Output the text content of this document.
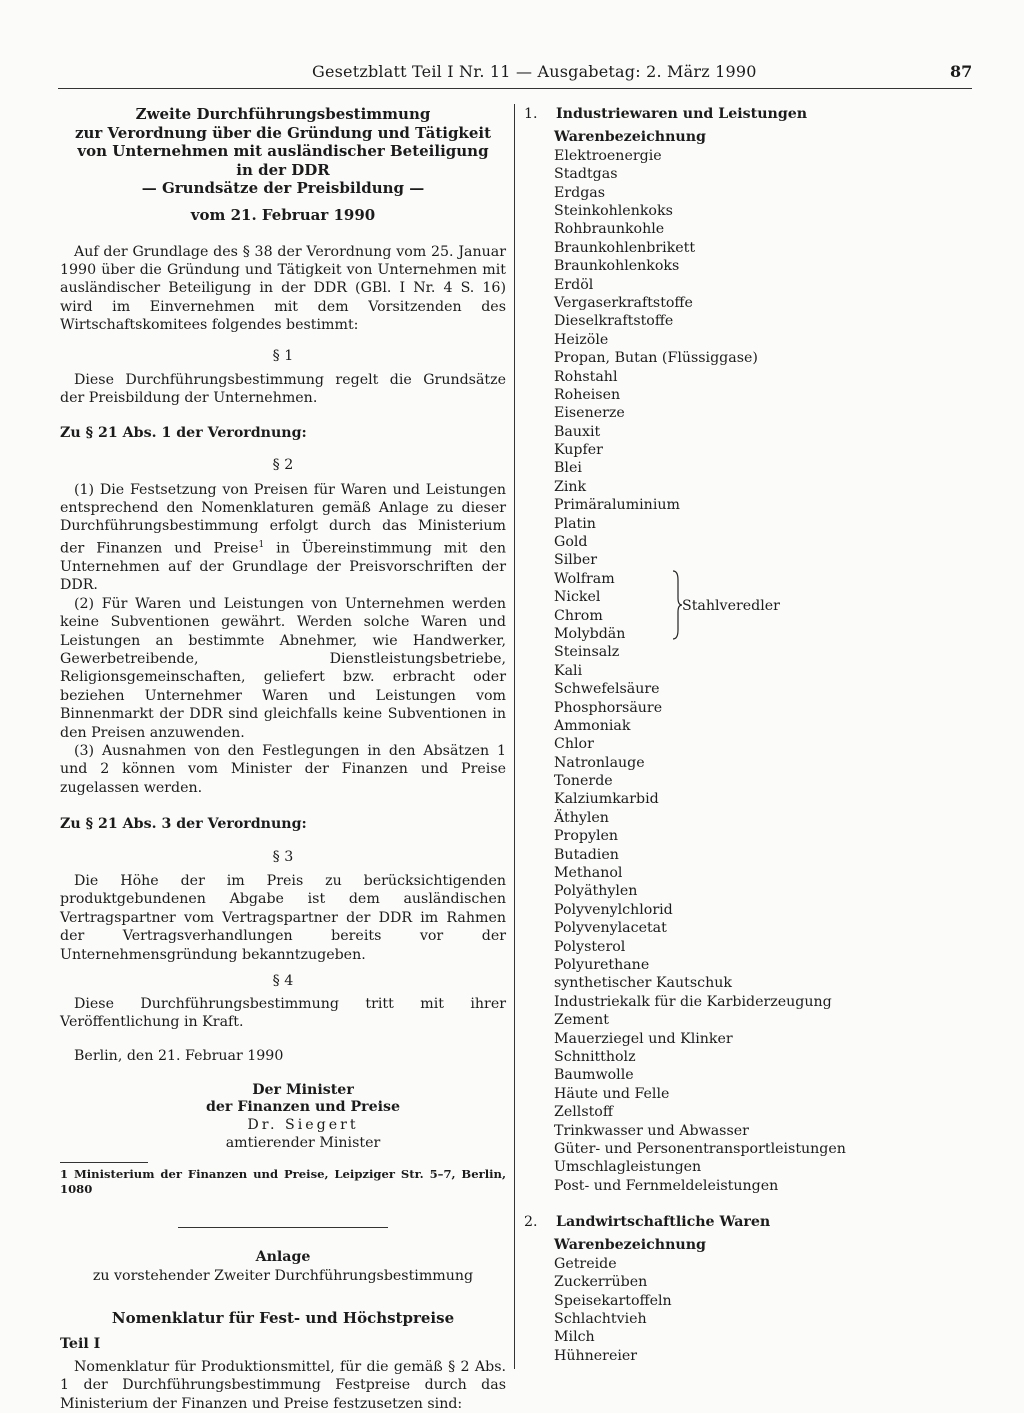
Gesetzblatt Teil I Nr. 11 — Ausgabetag: 2. März 1990	87
Zweite Durchführungsbestimmung
zur Verordnung über die Gründung und Tätigkeit
von Unternehmen mit ausländischer Beteiligung
in der DDR
— Grundsätze der Preisbildung —
vom 21. Februar 1990

Auf der Grundlage des § 38 der Verordnung vom 25. Januar 1990 über die Gründung und Tätigkeit von Unternehmen mit ausländischer Beteiligung in der DDR (GBl. I Nr. 4 S. 16) wird im Einvernehmen mit dem Vorsitzenden des Wirtschaftskomitees folgendes bestimmt:

§ 1

Diese Durchführungsbestimmung regelt die Grundsätze der Preisbildung der Unternehmen.

Zu § 21 Abs. 1 der Verordnung:

§ 2

(1) Die Festsetzung von Preisen für Waren und Leistungen entsprechend den Nomenklaturen gemäß Anlage zu dieser Durchführungsbestimmung erfolgt durch das Ministerium der Finanzen und Preise$^1$ in Übereinstimmung mit den Unternehmen auf der Grundlage der Preisvorschriften der DDR.

(2) Für Waren und Leistungen von Unternehmen werden keine Subventionen gewährt. Werden solche Waren und Leistungen an bestimmte Abnehmer, wie Handwerker, Gewerbetreibende, Dienstleistungsbetriebe, Religionsgemeinschaften, geliefert bzw. erbracht oder beziehen Unternehmer Waren und Leistungen vom Binnenmarkt der DDR sind gleichfalls keine Subventionen in den Preisen anzuwenden.

(3) Ausnahmen von den Festlegungen in den Absätzen 1 und 2 können vom Minister der Finanzen und Preise zugelassen werden.

Zu § 21 Abs. 3 der Verordnung:

§ 3

Die Höhe der im Preis zu berücksichtigenden produktgebundenen Abgabe ist dem ausländischen Vertragspartner vom Vertragspartner der DDR im Rahmen der Vertragsverhandlungen bereits vor der Unternehmensgründung bekanntzugeben.

§ 4

Diese Durchführungsbestimmung tritt mit ihrer Veröffentlichung in Kraft.

Berlin, den 21. Februar 1990

Der Minister
der Finanzen und Preise
Dr. Siegert
amtierender Minister
1 Ministerium der Finanzen und Preise, Leipziger Str. 5–7, Berlin, 1080
Anlage
zu vorstehender Zweiter Durchführungsbestimmung
Nomenklatur für Fest- und Höchstpreise

Teil I

Nomenklatur für Produktionsmittel, für die gemäß § 2 Abs. 1 der Durchführungsbestimmung Festpreise durch das Ministerium der Finanzen und Preise festzusetzen sind:

1.	Industriewaren und Leistungen
Warenbezeichnung
Elektroenergie
Stadtgas
Erdgas
Steinkohlenkoks
Rohbraunkohle
Braunkohlenbrikett
Braunkohlenkoks
Erdöl
Vergaserkraftstoffe
Dieselkraftstoffe
Heizöle
Propan, Butan (Flüssiggase)
Rohstahl
Roheisen
Eisenerze
Bauxit
Kupfer
Blei
Zink
Primäraluminium
Platin
Gold
Silber
Wolfram
Nickel
Chrom
Molybdän
Stahlveredler
Steinsalz
Kali
Schwefelsäure
Phosphorsäure
Ammoniak
Chlor
Natronlauge
Tonerde
Kalziumkarbid
Äthylen
Propylen
Butadien
Methanol
Polyäthylen
Polyvenylchlorid
Polyvenylacetat
Polysterol
Polyurethane
synthetischer Kautschuk
Industriekalk für die Karbiderzeugung
Zement
Mauerziegel und Klinker
Schnittholz
Baumwolle
Häute und Felle
Zellstoff
Trinkwasser und Abwasser
Güter- und Personentransportleistungen
Umschlagleistungen
Post- und Fernmeldeleistungen
2.	Landwirtschaftliche Waren
Warenbezeichnung
Getreide
Zuckerrüben
Speisekartoffeln
Schlachtvieh
Milch
Hühnereier
